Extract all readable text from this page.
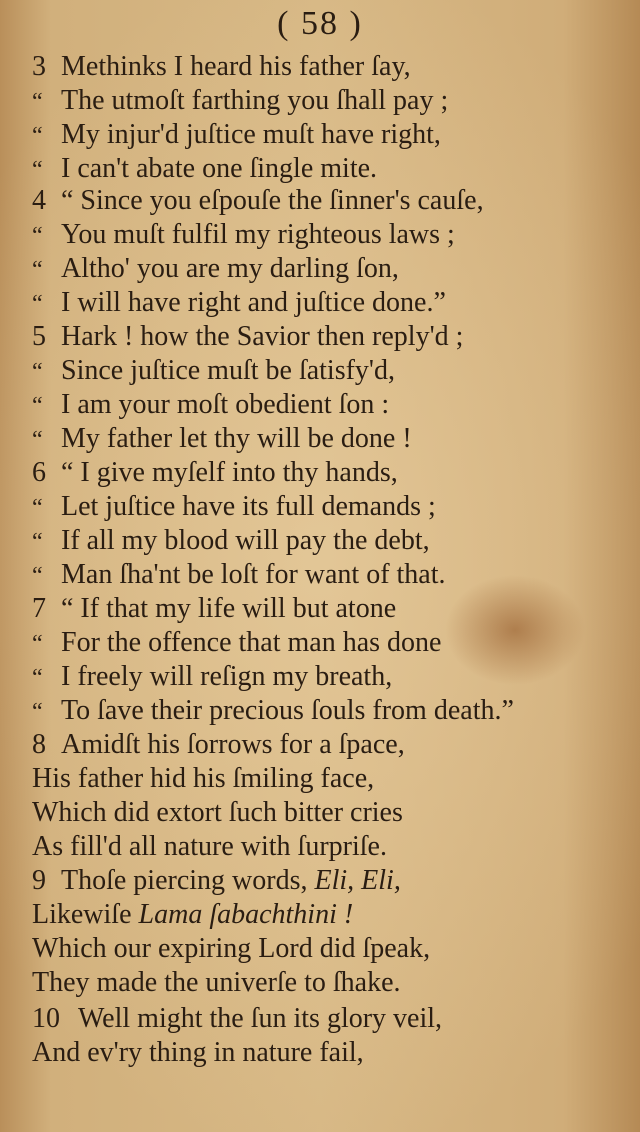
( 58 )
3 Methinks I heard his father ſay,
“ The utmoſt farthing you ſhall pay ;
“ My injur'd juſtice muſt have right,
“ I can't abate one ſingle mite.
4 “ Since you eſpouſe the ſinner's cauſe,
“ You muſt fulfil my righteous laws ;
“ Altho' you are my darling ſon,
“ I will have right and juſtice done.”
5 Hark ! how the Savior then reply'd ;
“ Since juſtice muſt be ſatisfy'd,
“ I am your moſt obedient ſon :
“ My father let thy will be done !
6 “ I give myſelf into thy hands,
“ Let juſtice have its full demands ;
“ If all my blood will pay the debt,
“ Man ſha'nt be loſt for want of that.
7 “ If that my life will but atone
“ For the offence that man has done
“ I freely will reſign my breath,
“ To ſave their precious ſouls from death.”
8 Amidſt his ſorrows for a ſpace,
His father hid his ſmiling face,
Which did extort ſuch bitter cries
As fill'd all nature with ſurpriſe.
9 Thoſe piercing words, Eli, Eli,
Likewiſe Lama ſabachthini !
Which our expiring Lord did ſpeak,
They made the univerſe to ſhake.
10 Well might the ſun its glory veil,
And ev'ry thing in nature fail,
